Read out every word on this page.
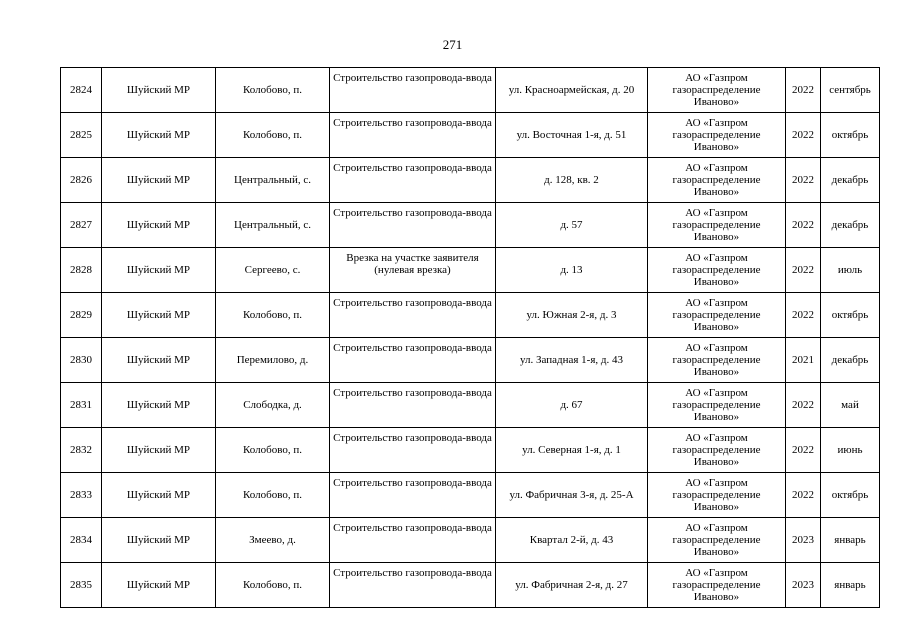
271
2824	Шуйский МР	Колобово, п.	Строительство газопровода-ввода	ул. Красноармейская, д. 20	АО «Газпром газораспределение Иваново»	2022	сентябрь
2825	Шуйский МР	Колобово, п.	Строительство газопровода-ввода	ул. Восточная 1-я, д. 51	АО «Газпром газораспределение Иваново»	2022	октябрь
2826	Шуйский МР	Центральный, с.	Строительство газопровода-ввода	д. 128, кв. 2	АО «Газпром газораспределение Иваново»	2022	декабрь
2827	Шуйский МР	Центральный, с.	Строительство газопровода-ввода	д. 57	АО «Газпром газораспределение Иваново»	2022	декабрь
2828	Шуйский МР	Сергеево, с.	Врезка на участке заявителя (нулевая врезка)	д. 13	АО «Газпром газораспределение Иваново»	2022	июль
2829	Шуйский МР	Колобово, п.	Строительство газопровода-ввода	ул. Южная 2-я, д. 3	АО «Газпром газораспределение Иваново»	2022	октябрь
2830	Шуйский МР	Перемилово, д.	Строительство газопровода-ввода	ул. Западная 1-я, д. 43	АО «Газпром газораспределение Иваново»	2021	декабрь
2831	Шуйский МР	Слободка, д.	Строительство газопровода-ввода	д. 67	АО «Газпром газораспределение Иваново»	2022	май
2832	Шуйский МР	Колобово, п.	Строительство газопровода-ввода	ул. Северная 1-я, д. 1	АО «Газпром газораспределение Иваново»	2022	июнь
2833	Шуйский МР	Колобово, п.	Строительство газопровода-ввода	ул. Фабричная 3-я, д. 25-А	АО «Газпром газораспределение Иваново»	2022	октябрь
2834	Шуйский МР	Змеево, д.	Строительство газопровода-ввода	Квартал 2-й, д. 43	АО «Газпром газораспределение Иваново»	2023	январь
2835	Шуйский МР	Колобово, п.	Строительство газопровода-ввода	ул. Фабричная 2-я, д. 27	АО «Газпром газораспределение Иваново»	2023	январь
